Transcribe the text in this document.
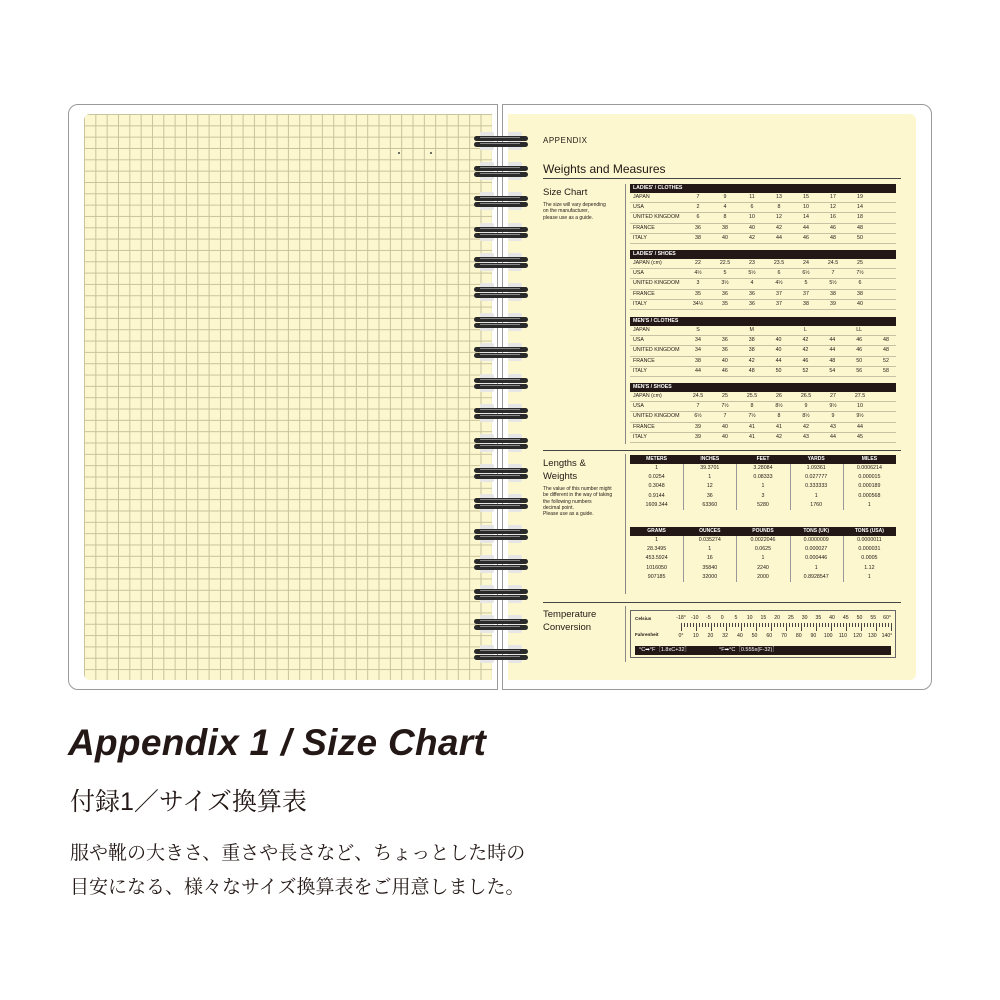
APPENDIX
Weights and Measures
Size Chart
The size will vary depending
on the manufacturer,
please use as a guide.
LADIES' / CLOTHES
JAPAN	7	9	11	13	15	17	19
USA	2	4	6	8	10	12	14
UNITED KINGDOM	6	8	10	12	14	16	18
FRANCE	36	38	40	42	44	46	48
ITALY	38	40	42	44	46	48	50
LADIES' / SHOES
JAPAN (cm)	22	22.5	23	23.5	24	24.5	25
USA	4½	5	5½	6	6½	7	7½
UNITED KINGDOM	3	3½	4	4½	5	5½	6
FRANCE	35	36	36	37	37	38	38
ITALY	34½	35	36	37	38	39	40
MEN'S / CLOTHES
JAPAN	S	M	L	LL
USA	34	36	38	40	42	44	46	48
UNITED KINGDOM	34	36	38	40	42	44	46	48
FRANCE	38	40	42	44	46	48	50	52
ITALY	44	46	48	50	52	54	56	58
MEN'S / SHOES
JAPAN (cm)	24.5	25	25.5	26	26.5	27	27.5
USA	7	7½	8	8½	9	9½	10
UNITED KINGDOM	6½	7	7½	8	8½	9	9½
FRANCE	39	40	41	41	42	43	44
ITALY	39	40	41	42	43	44	45
Lengths &
Weights
The value of this number might
be different in the way of taking
the following numbers
decimal point.
Please use as a guide.
METERS	INCHES	FEET	YARDS	MILES
1	39.3701	3.28084	1.09361	0.0006214
0.0254	1	0.08333	0.027777	0.000015
0.3048	12	1	0.333333	0.000189
0.9144	36	3	1	0.000568
1609.344	63360	5280	1760	1
GRAMS	OUNCES	POUNDS	TONS (UK)	TONS (USA)
1	0.035274	0.0022046	0.0000009	0.0000011
28.3495	1	0.0625	0.000027	0.000031
453.5924	16	1	0.000446	0.0005
1016050	35840	2240	1	1.12
907185	32000	2000	0.8928547	1
Temperature
Conversion
Celsius
Fahrenheit
-18° -10 -5 0 5 10 15 20 25 30 35 40 45 50 55 60°
0° 10 20 32 40 50 60 70 80 90 100 110 120 130 140°
°C➡°F［1.8xC+32］	°F➡°C［0.555x(F-32)］
Appendix 1 / Size Chart
付録1／サイズ換算表
服や靴の大きさ、重さや長さなど、ちょっとした時の
目安になる、様々なサイズ換算表をご用意しました。
